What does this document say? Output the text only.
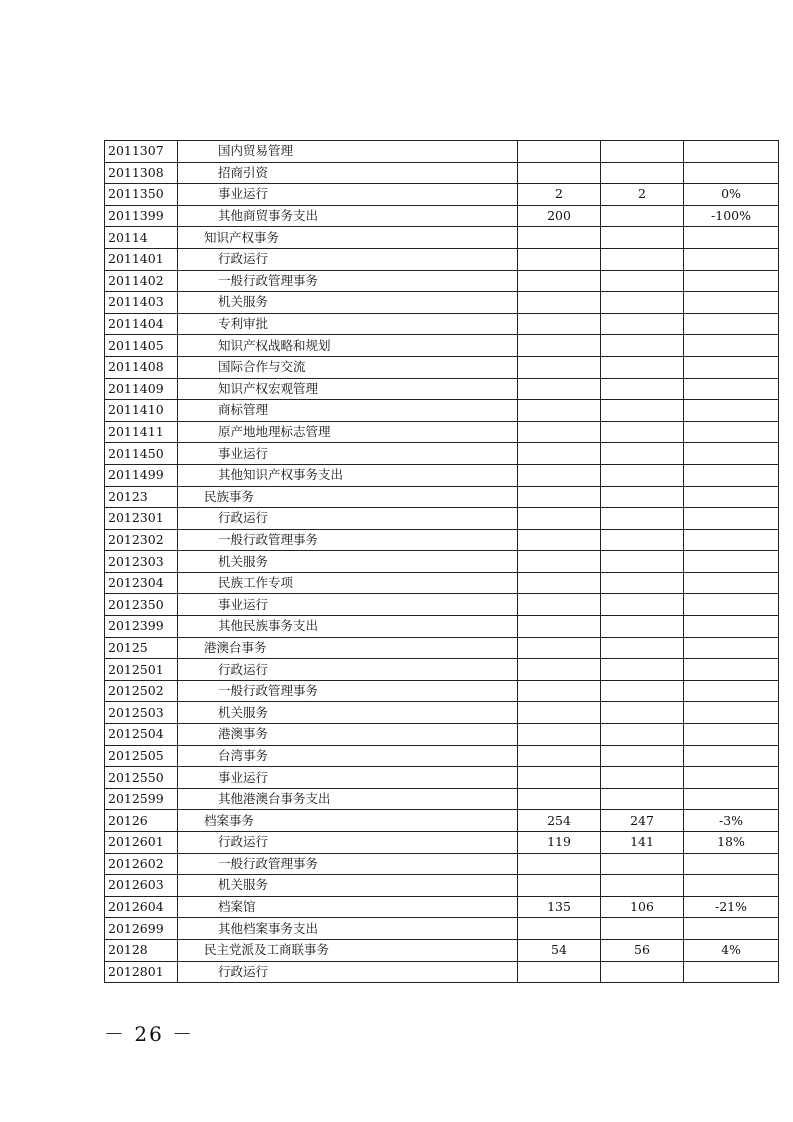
2011307	国内贸易管理			
2011308	招商引资			
2011350	事业运行	2	2	0%
2011399	其他商贸事务支出	200		-100%
20114	知识产权事务			
2011401	行政运行			
2011402	一般行政管理事务			
2011403	机关服务			
2011404	专利审批			
2011405	知识产权战略和规划			
2011408	国际合作与交流			
2011409	知识产权宏观管理			
2011410	商标管理			
2011411	原产地地理标志管理			
2011450	事业运行			
2011499	其他知识产权事务支出			
20123	民族事务			
2012301	行政运行			
2012302	一般行政管理事务			
2012303	机关服务			
2012304	民族工作专项			
2012350	事业运行			
2012399	其他民族事务支出			
20125	港澳台事务			
2012501	行政运行			
2012502	一般行政管理事务			
2012503	机关服务			
2012504	港澳事务			
2012505	台湾事务			
2012550	事业运行			
2012599	其他港澳台事务支出			
20126	档案事务	254	247	-3%
2012601	行政运行	119	141	18%
2012602	一般行政管理事务			
2012603	机关服务			
2012604	档案馆	135	106	-21%
2012699	其他档案事务支出			
20128	民主党派及工商联事务	54	56	4%
2012801	行政运行			
－ 26 －
